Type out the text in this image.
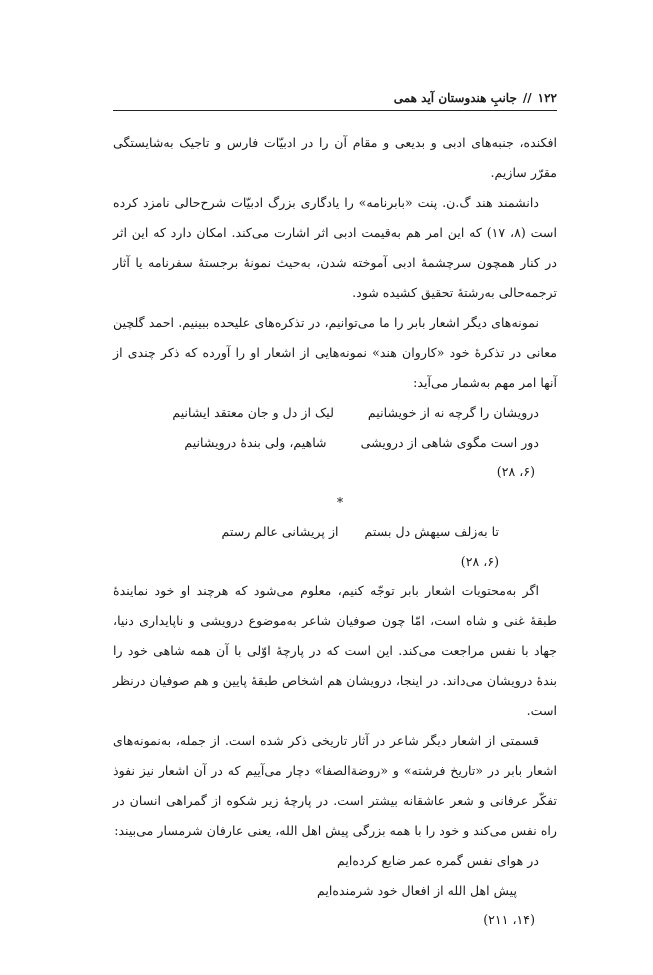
۱۲۲
//
جانبِ هندوستان آید همی

افکنده، جنبه‌های ادبی و بدیعی و مقام آن را در ادبیّات فارس و تاجیک به‌شایستگی مقرّر سازیم.

دانشمند هند گ.ن. پنت «بابرنامه» را یادگاری بزرگ ادبیّات شرح‌حالی نامزد کرده است (۸، ۱۷) که این امر هم به‌قیمت ادبی اثر اشارت می‌کند. امکان دارد که این اثر در کنار همچون سرچشمهٔ ادبی آموخته شدن، به‌حیث نمونهٔ برجستهٔ سفرنامه یا آثار ترجمه‌حالی به‌رشتهٔ تحقیق کشیده شود.

نمونه‌های دیگر اشعار بابر را ما می‌توانیم، در تذکره‌های علیحده ببینیم. احمد گلچین معانی در تذکرهٔ خود «کاروان هند» نمونه‌هایی از اشعار او را آورده که ذکر چندی از آنها امر مهم به‌شمار می‌آید:

درویشان را گرچه نه از خویشانیم
لیک از دل و جان معتقد ایشانیم
دور است مگوی شاهی از درویشی
شاهیم، ولی بندهٔ درویشانیم
(۶، ۲۸)
*
تا به‌زلف سیهش دل بستم
از پریشانی عالم رستم
(۶، ۲۸)

اگر به‌محتویات اشعار بابر توجّه کنیم، معلوم می‌شود که هرچند او خود نمایندهٔ طبقهٔ غنی و شاه است، امّا چون صوفیان شاعر به‌موضوع درویشی و ناپایداری دنیا، جهاد با نفس مراجعت می‌کند. این است که در پارچهٔ اوّلی با آن همه شاهی خود را بندهٔ درویشان می‌داند. در اینجا، درویشان هم اشخاص طبقهٔ پایین و هم صوفیان درنظر است.

قسمتی از اشعار دیگر شاعر در آثار تاریخی ذکر شده است. از جمله، به‌نمونه‌های اشعار بابر در «تاریخ فرشته» و «روضة‌الصفا» دچار می‌آییم که در آن اشعار نیز نفوذ تفکّر عرفانی و شعر عاشقانه بیشتر است. در پارچهٔ زیر شکوه از گمراهی انسان در راه نفس می‌کند و خود را با همه بزرگی پیش اهل الله، یعنی عارفان شرمسار می‌بیند:

در هوای نفس گمره عمر ضایع کرده‌ایم
پیش اهل الله از افعال خود شرمنده‌ایم
(۱۴، ۲۱۱)
